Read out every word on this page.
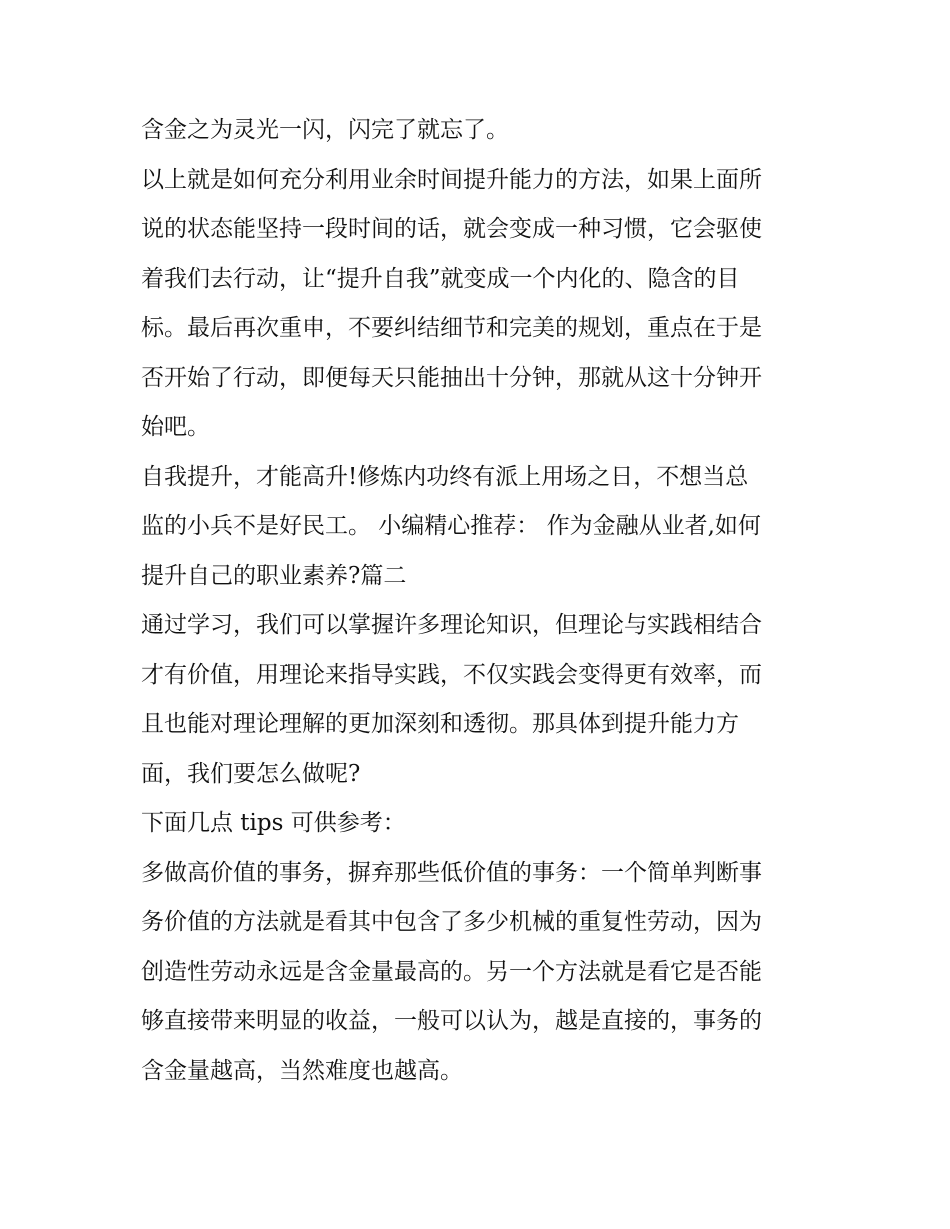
含金之为灵光一闪，闪完了就忘了。
以上就是如何充分利用业余时间提升能力的方法，如果上面所
说的状态能坚持一段时间的话，就会变成一种习惯，它会驱使
着我们去行动，让“提升自我”就变成一个内化的、隐含的目
标。最后再次重申，不要纠结细节和完美的规划，重点在于是
否开始了行动，即便每天只能抽出十分钟，那就从这十分钟开
始吧。
自我提升，才能高升!修炼内功终有派上用场之日，不想当总
监的小兵不是好民工。 小编精心推荐： 作为金融从业者,如何
提升自己的职业素养?篇二
通过学习，我们可以掌握许多理论知识，但理论与实践相结合
才有价值，用理论来指导实践，不仅实践会变得更有效率，而
且也能对理论理解的更加深刻和透彻。那具体到提升能力方
面，我们要怎么做呢?
下面几点 tips 可供参考：
多做高价值的事务，摒弃那些低价值的事务：一个简单判断事
务价值的方法就是看其中包含了多少机械的重复性劳动，因为
创造性劳动永远是含金量最高的。另一个方法就是看它是否能
够直接带来明显的收益，一般可以认为，越是直接的，事务的
含金量越高，当然难度也越高。
